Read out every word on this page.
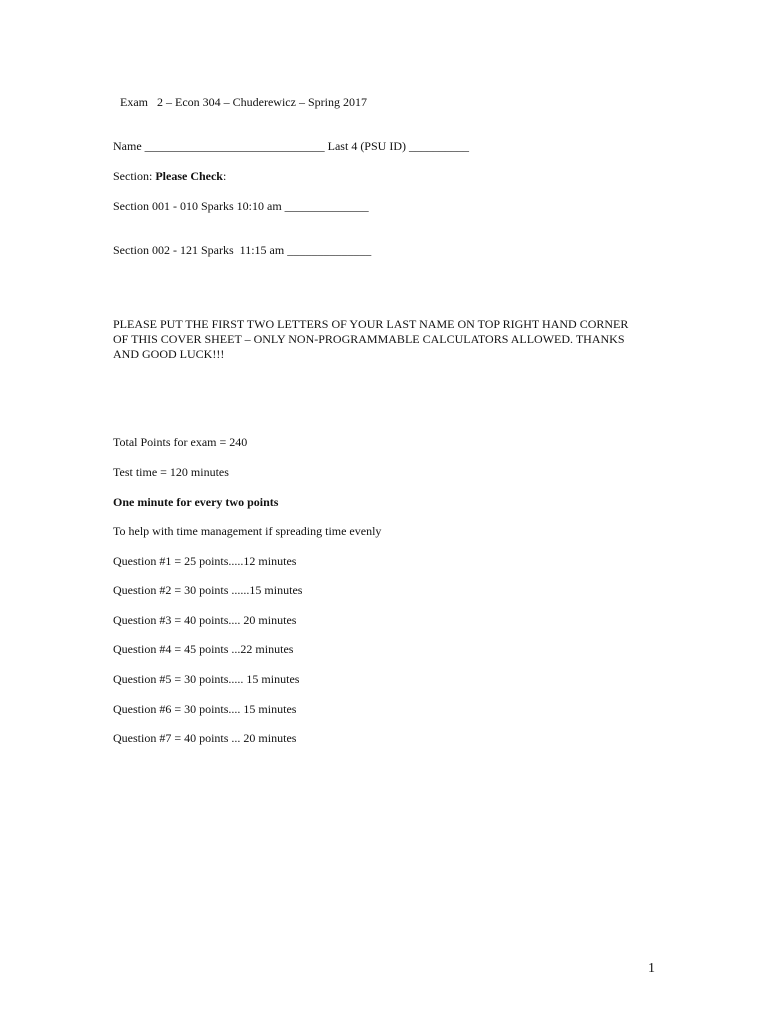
Exam   2 – Econ 304 – Chuderewicz – Spring 2017
Name ______________________________ Last 4 (PSU ID) __________
Section: Please Check:
Section 001 - 010 Sparks 10:10 am ______________
Section 002 - 121 Sparks  11:15 am ______________
PLEASE PUT THE FIRST TWO LETTERS OF YOUR LAST NAME ON TOP RIGHT HAND CORNER
OF THIS COVER SHEET – ONLY NON-PROGRAMMABLE CALCULATORS ALLOWED. THANKS
AND GOOD LUCK!!!
Total Points for exam = 240
Test time = 120 minutes
One minute for every two points
To help with time management if spreading time evenly
Question #1 = 25 points.....12 minutes
Question #2 = 30 points ......15 minutes
Question #3 = 40 points.... 20 minutes
Question #4 = 45 points ...22 minutes
Question #5 = 30 points..... 15 minutes
Question #6 = 30 points.... 15 minutes
Question #7 = 40 points ... 20 minutes
1
